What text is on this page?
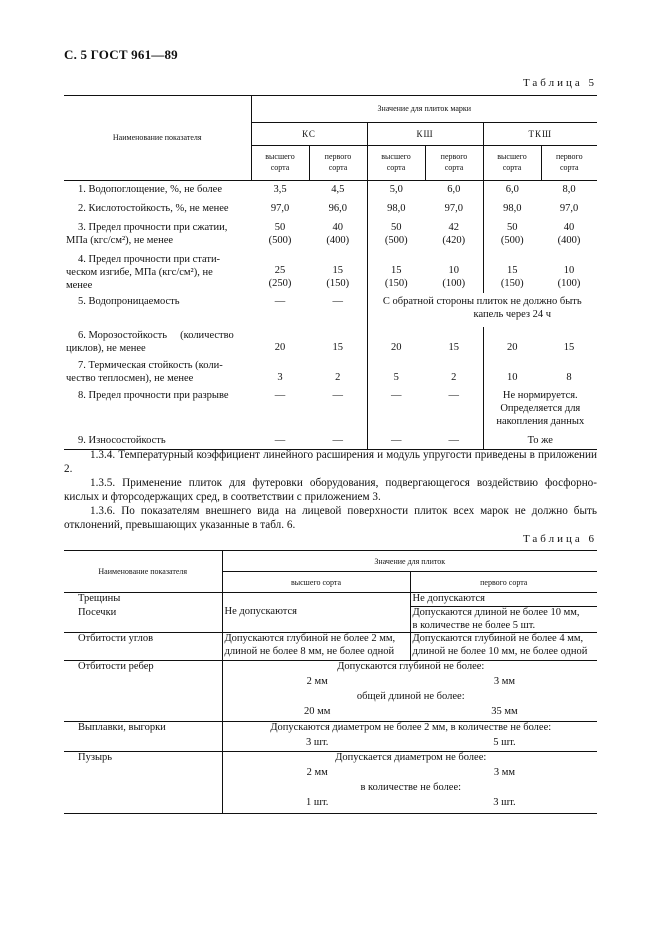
С. 5 ГОСТ 961—89
Таблица 5
Наименование показателя	Значение для плиток марки					
	КС		КШ		ТКШ	
	высшего
сорта	первого
сорта	высшего
сорта	первого
сорта	высшего
сорта	первого
сорта
1. Водопоглощение, %, не более	3,5	4,5	5,0	6,0	6,0	8,0
2. Кислотостойкость, %, не менее	97,0	96,0	98,0	97,0	98,0	97,0
3. Предел прочности при сжатии,
МПа (кгс/см²), не менее	50
(500)	40
(400)	50
(500)	42
(420)	50
(500)	40
(400)
4. Предел прочности при стати-
ческом изгибе, МПа (кгс/см²), не
менее	25
(250)	15
(150)	15
(150)	10
(100)	15
(150)	10
(100)
5. Водопроницаемость	—	—	С обратной стороны плиток не должно быть
капель через 24 ч			
6. Морозостойкость     (количество
циклов), не менее	20	15	20	15	20	15
7. Термическая стойкость (коли-
чество теплосмен), не менее	3	2	5	2	10	8
8. Предел прочности при разрыве	—	—	—	—	Не нормируется.
Определяется для
накопления данных	
9. Износостойкость	—	—	—	—	То же	
1.3.4. Температурный коэффициент линейного расширения и модуль упругости приведены в приложении 2.
1.3.5. Применение плиток для футеровки оборудования, подвергающегося воздействию фосфорно-кислых и фторсодержащих сред, в соответствии с приложением 3.
1.3.6. По показателям внешнего вида на лицевой поверхности плиток всех марок не должно быть отклонений, превышающих указанные в табл. 6.
Таблица 6
Наименование показателя	Значение для плиток	
	высшего сорта	первого сорта
Трещины	Не допускаются	Не допускаются
Посечки		Допускаются длиной не более 10 мм,
в количестве не более 5 шт.
Отбитости углов	Допускаются глубиной не более 2 мм,
длиной не более 8 мм, не более одной	Допускаются глубиной не более 4 мм,
длиной не более 10 мм, не более одной
Отбитости ребер	Допускаются глубиной не более:	
	2 мм	3 мм
	общей длиной не более:	
	20 мм	35 мм
Выплавки, выгорки	Допускаются диаметром не более 2 мм, в количестве не более:	
	3 шт.	5 шт.
Пузырь	Допускается диаметром не более:	
	2 мм	3 мм
	в количестве не более:	
	1 шт.	3 шт.
